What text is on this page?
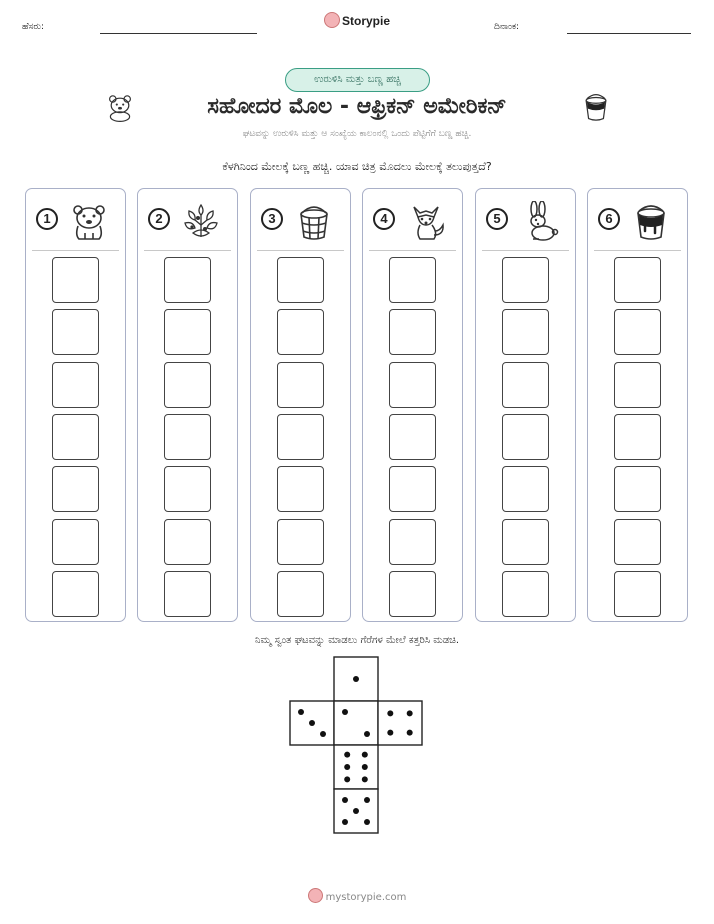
ಹೆಸರು:	Storypie	ದಿನಾಂಕ:
ಉರುಳಿಸಿ ಮತ್ತು ಬಣ್ಣ ಹಚ್ಚಿ
ಸಹೋದರ ಮೊಲ - ಆಫ್ರಿಕನ್ ಅಮೇರಿಕನ್
ಘಟವನ್ನು ಉರುಳಿಸಿ ಮತ್ತು ಆ ಸಂಖ್ಯೆಯ ಕಾಲಂನಲ್ಲಿ ಒಂದು ಪೆಟ್ಟಿಗೆಗೆ ಬಣ್ಣ ಹಚ್ಚಿ.
ಕೆಳಗಿನಿಂದ ಮೇಲಕ್ಕೆ ಬಣ್ಣ ಹಚ್ಚಿ. ಯಾವ ಚಿತ್ರ ಮೊದಲು ಮೇಲಕ್ಕೆ ತಲುಪುತ್ತದೆ?
1	2	3	4	5	6
ನಿಮ್ಮ ಸ್ವಂತ ಘಟವನ್ನು ಮಾಡಲು ಗೆರೆಗಳ ಮೇಲೆ ಕತ್ತರಿಸಿ ಮಡಚಿ.
mystorypie.com
